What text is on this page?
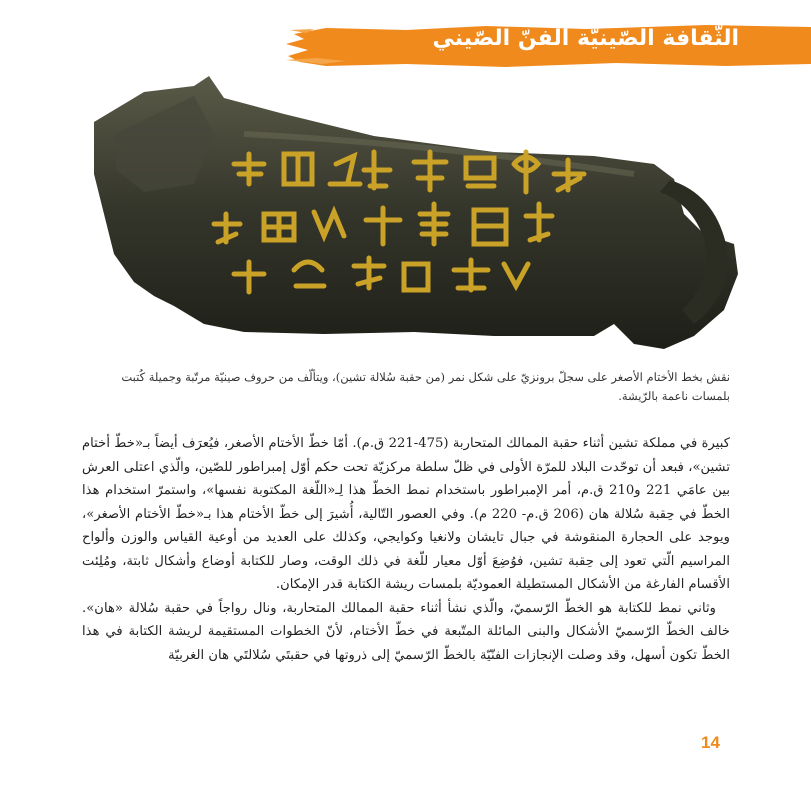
الثّقافة الصّينيّة الفنّ الصّيني
نقش بخط الأختام الأصغر على سجلّ برونزيّ على شكل نمر (من حقبة سُلالة تشين)، ويتألّف من حروف صينيّة مرتّبة وجميلة كُتبت
بلمسات ناعمة بالرّيشة.

كبيرة في مملكة تشين أثناء حقبة الممالك المتحاربة (475-221 ق.م). أمّا خطّ الأختام الأصغر، فيُعرَف أيضاً بـ«خطّ أختام تشين»، فبعد أن توحّدت البلاد للمرّة الأولى في ظلّ سلطة مركزيّة تحت حكم أوّل إمبراطور للصّين، والّذي اعتلى العرش بين عامَي 221 و210 ق.م، أمر الإمبراطور باستخدام نمط الخطّ هذا لِـ«اللّغة المكتوبة نفسها»، واستمرّ استخدام هذا الخطّ في حِقبة سُلالة هان (206 ق.م- 220 م). وفي العصور التّالية، أُشيرَ إلى خطّ الأختام هذا بـ«خطّ الأختام الأصغر»، ويوجد على الحجارة المنقوشة في جبال تايشان ولانغيا وكوايجي، وكذلك على العديد من أوعية القياس والوزن وألواح المراسيم الّتي تعود إلى حِقبة تشين، فوُضِعَ أوّل معيار للّغة في ذلك الوقت، وصار للكتابة أوضاع وأشكال ثابتة، ومُلِئت الأقسام الفارغة من الأشكال المستطيلة العموديّة بلمسات ريشة الكتابة قدر الإمكان.

وثاني نمط للكتابة هو الخطّ الرّسميّ، والّذي نشأ أثناء حقبة الممالك المتحاربة، ونال رواجاً في حقبة سُلالة «هان». خالف الخطّ الرّسميّ الأشكال والبنى المائلة المتّبعة في خطّ الأختام، لأنّ الخطوات المستقيمة لريشة الكتابة في هذا الخطّ تكون أسهل، وقد وصلت الإنجازات الفنّيّة بالخطّ الرّسميّ إلى ذروتها في حقبتَي سُلالتَي هان الغربيّة

14
